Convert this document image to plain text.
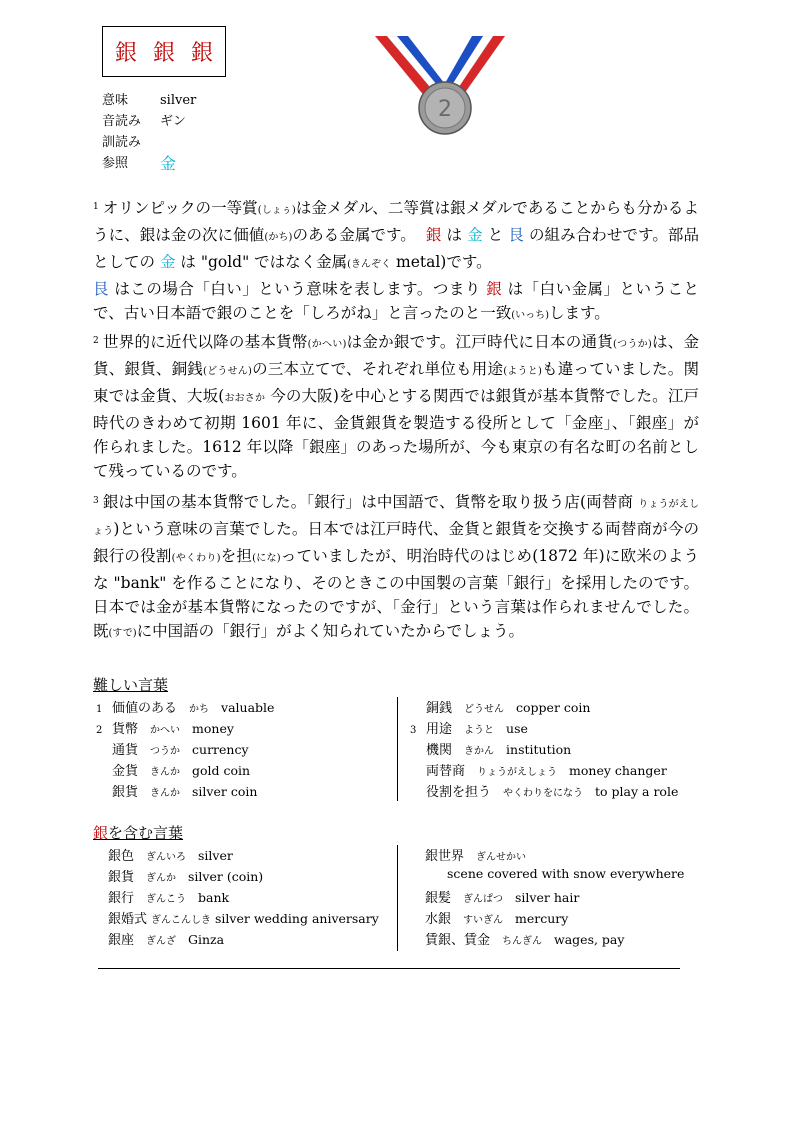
銀 銀 銀
意味	silver
音読み	ギン
訓読み
参照	金
2
$^1$ オリンピックの一等賞(しょぅ)は金メダル、二等賞は銀メダルであることからも分かるように、銀は金の次に価値(かち)のある金属です。 銀 は 金 と 艮 の組み合わせです。部品としての 金 は "gold" ではなく金属(きんぞく metal)です。
艮 はこの場合「白い」という意味を表します。つまり 銀 は「白い金属」ということで、古い日本語で銀のことを「しろがね」と言ったのと一致(いっち)します。
$^2$ 世界的に近代以降の基本貨幣(かへい)は金か銀です。江戸時代に日本の通貨(つうか)は、金貨、銀貨、銅銭(どうせん)の三本立てで、それぞれ単位も用途(ようと)も違っていました。関東では金貨、大坂(おおさか 今の大阪)を中心とする関西では銀貨が基本貨幣でした。江戸時代のきわめて初期 1601 年に、金貨銀貨を製造する役所として「金座」、「銀座」が作られました。1612 年以降「銀座」のあった場所が、今も東京の有名な町の名前として残っているのです。
$^3$ 銀は中国の基本貨幣でした。「銀行」は中国語で、貨幣を取り扱う店(両替商 りょうがえしょう)という意味の言葉でした。日本では江戸時代、金貨と銀貨を交換する両替商が今の銀行の役割(やくわり)を担(にな)っていましたが、明治時代のはじめ(1872 年)に欧米のような "bank" を作ることになり、そのときこの中国製の言葉「銀行」を採用したのです。日本では金が基本貨幣になったのですが、「金行」という言葉は作られませんでした。既(すで)に中国語の「銀行」がよく知られていたからでしょう。
難しい言葉
1 価値のある かち valuable
2 貨幣 かへい money
通貨 つうか currency
金貨 きんか gold coin
銀貨 きんか silver coin
銅銭 どうせん copper coin
3 用途 ようと use
機関 きかん institution
両替商 りょうがえしょう money changer
役割を担う やくわりをになう to play a role
銀を含む言葉
銀色 ぎんいろ silver
銀貨 ぎんか silver (coin)
銀行 ぎんこう bank
銀婚式 ぎんこんしき silver wedding aniversary
銀座 ぎんざ Ginza
銀世界 ぎんせかい
scene covered with snow everywhere
銀髪 ぎんぱつ silver hair
水銀 すいぎん mercury
賃銀、賃金 ちんぎん wages, pay
